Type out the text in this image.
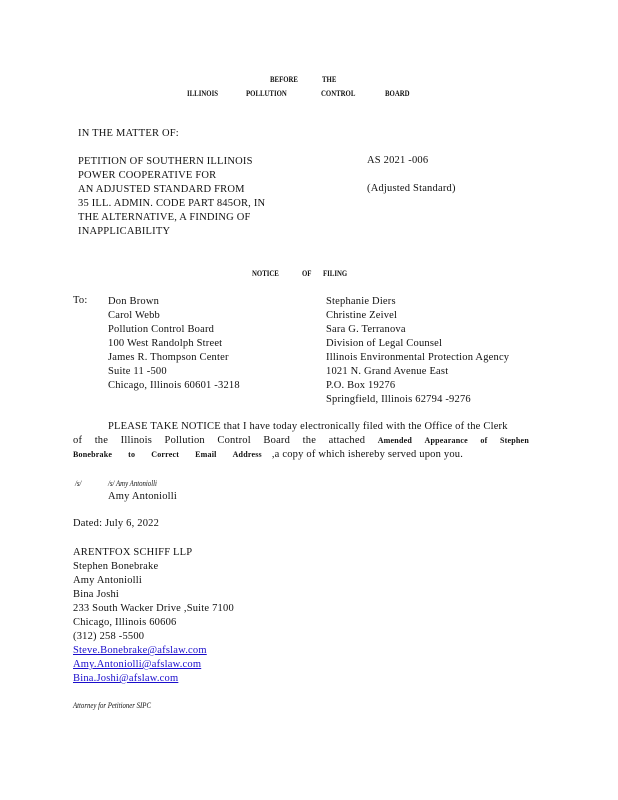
BEFORE	THE
ILLINOIS	POLLUTION	CONTROL	BOARD
IN THE MATTER OF:
PETITION OF SOUTHERN ILLINOIS
POWER COOPERATIVE FOR
AN ADJUSTED STANDARD FROM
35 ILL. ADMIN. CODE PART 845OR, IN
THE ALTERNATIVE, A FINDING OF
INAPPLICABILITY
AS 2021 -006
(Adjusted Standard)
NOTICE	OF FILING
To: Don Brown
Carol Webb
Pollution Control Board
100 West Randolph Street
James R. Thompson Center
Suite 11 -500
Chicago, Illinois 60601 -3218
Stephanie Diers
Christine Zeivel
Sara G. Terranova
Division of Legal Counsel
Illinois Environmental Protection Agency
1021 N. Grand Avenue East
P.O. Box 19276
Springfield, Illinois 62794 -9276
PLEASE TAKE NOTICE that I have today electronically filed with the Office of the Clerk
of the Illinois Pollution Control Board the attached Amended Appearance of Stephen
Bonebrake to Correct Email Address ,a copy of which ishereby served upon you.
/s/	/s/ Amy Antoniolli
Amy Antoniolli
Dated: July 6, 2022
ARENTFOX SCHIFF LLP
Stephen Bonebrake
Amy Antoniolli
Bina Joshi
233 South Wacker Drive ,Suite 7100
Chicago, Illinois 60606
(312) 258 -5500
Steve.Bonebrake@afslaw.com
Amy.Antoniolli@afslaw.com
Bina.Joshi@afslaw.com
Attorney for Petitioner SIPC
